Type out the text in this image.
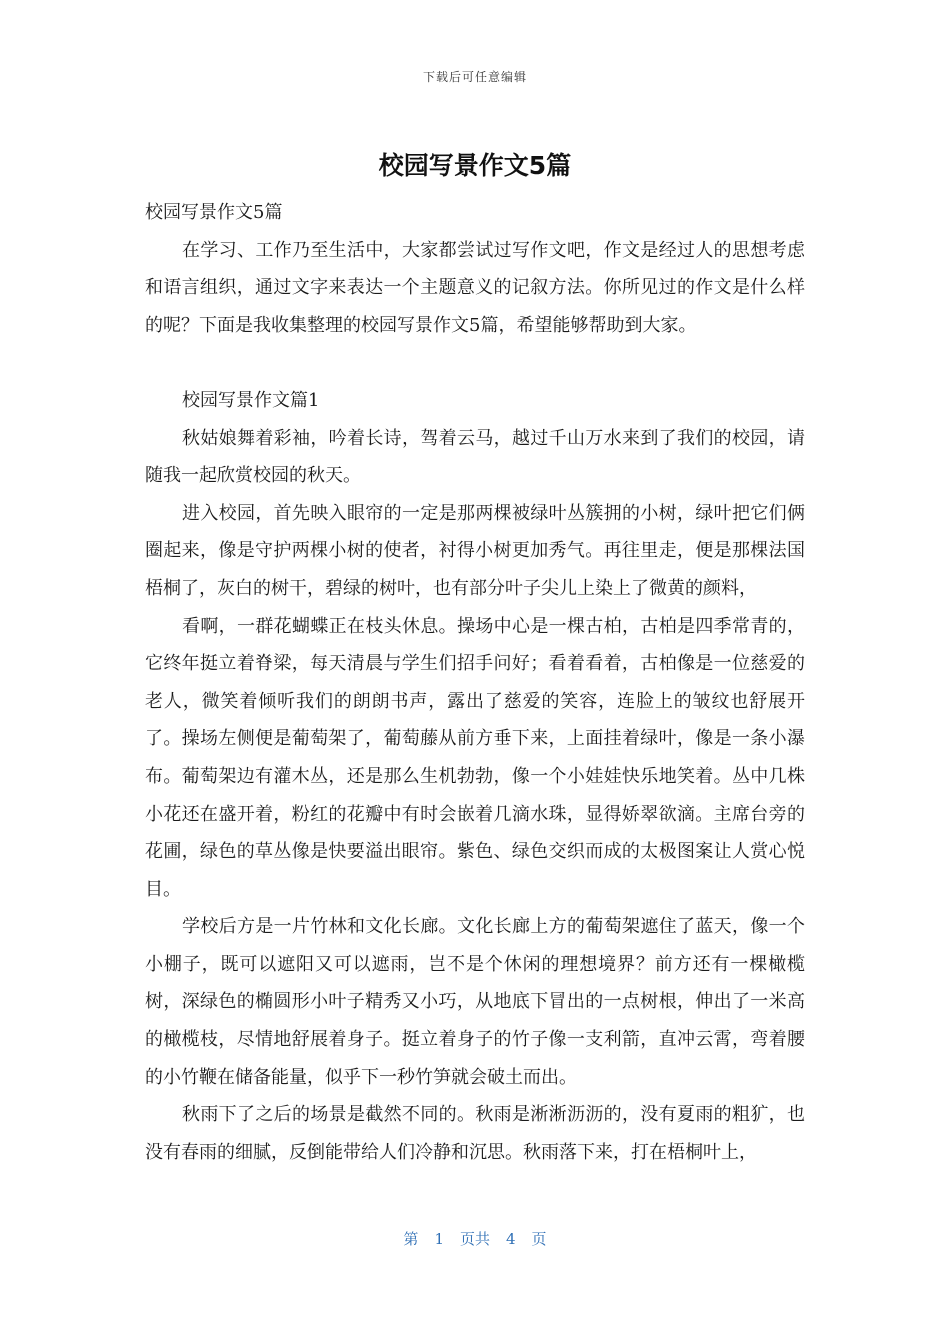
下载后可任意编辑
校园写景作文5篇

校园写景作文5篇

在学习、工作乃至生活中，大家都尝试过写作文吧，作文是经过人的思想考虑和语言组织，通过文字来表达一个主题意义的记叙方法。你所见过的作文是什么样的呢？下面是我收集整理的校园写景作文5篇，希望能够帮助到大家。

校园写景作文篇1

秋姑娘舞着彩袖，吟着长诗，驾着云马，越过千山万水来到了我们的校园，请随我一起欣赏校园的秋天。

进入校园，首先映入眼帘的一定是那两棵被绿叶丛簇拥的小树，绿叶把它们俩圈起来，像是守护两棵小树的使者，衬得小树更加秀气。再往里走，便是那棵法国梧桐了，灰白的树干，碧绿的树叶，也有部分叶子尖儿上染上了微黄的颜料，

看啊，一群花蝴蝶正在枝头休息。操场中心是一棵古柏，古柏是四季常青的，它终年挺立着脊梁，每天清晨与学生们招手问好；看着看着，古柏像是一位慈爱的老人，微笑着倾听我们的朗朗书声，露出了慈爱的笑容，连脸上的皱纹也舒展开了。操场左侧便是葡萄架了，葡萄藤从前方垂下来，上面挂着绿叶，像是一条小瀑布。葡萄架边有灌木丛，还是那么生机勃勃，像一个小娃娃快乐地笑着。丛中几株小花还在盛开着，粉红的花瓣中有时会嵌着几滴水珠，显得娇翠欲滴。主席台旁的花圃，绿色的草丛像是快要溢出眼帘。紫色、绿色交织而成的太极图案让人赏心悦目。

学校后方是一片竹林和文化长廊。文化长廊上方的葡萄架遮住了蓝天，像一个小棚子，既可以遮阳又可以遮雨，岂不是个休闲的理想境界？前方还有一棵橄榄树，深绿色的椭圆形小叶子精秀又小巧，从地底下冒出的一点树根，伸出了一米高的橄榄枝，尽情地舒展着身子。挺立着身子的竹子像一支利箭，直冲云霄，弯着腰的小竹鞭在储备能量，似乎下一秒竹笋就会破土而出。

秋雨下了之后的场景是截然不同的。秋雨是淅淅沥沥的，没有夏雨的粗犷，也没有春雨的细腻，反倒能带给人们冷静和沉思。秋雨落下来，打在梧桐叶上，

第 1 页共 4 页
